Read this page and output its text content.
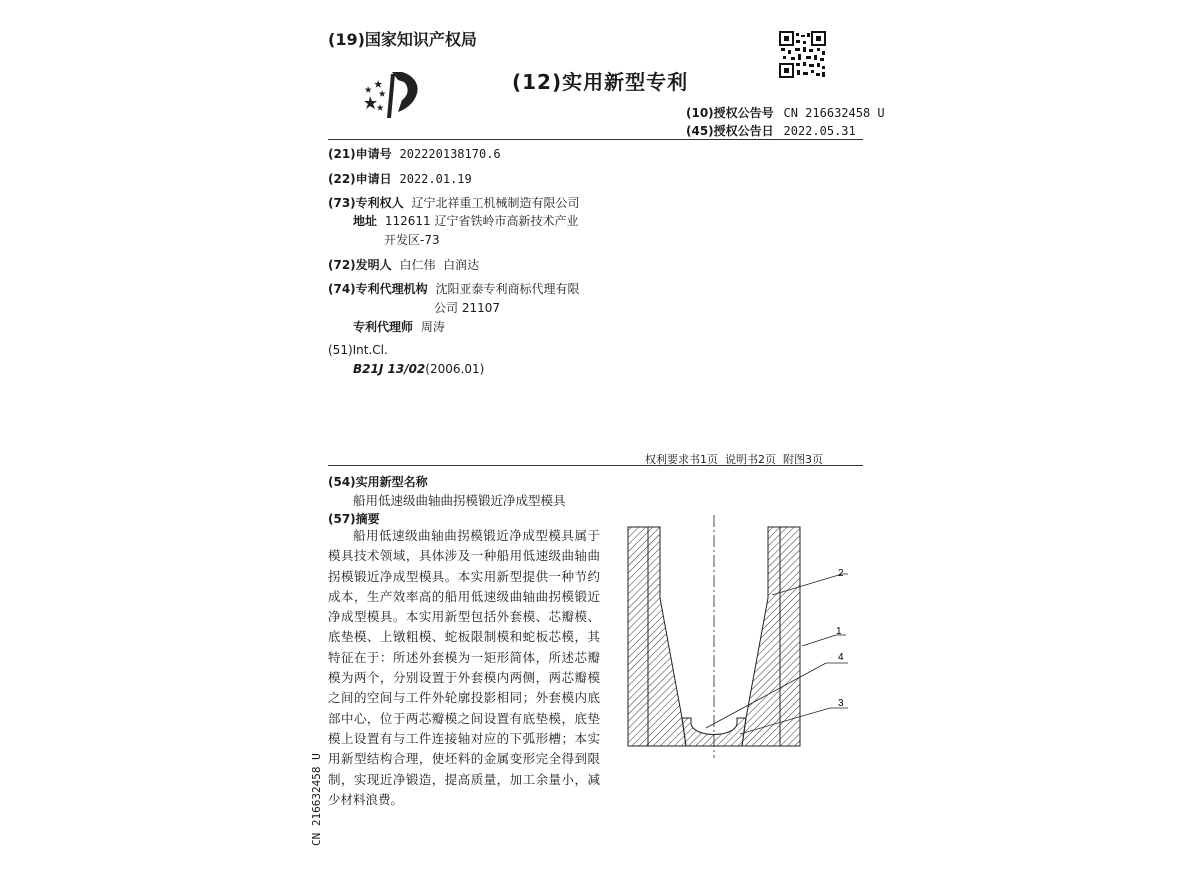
(19)国家知识产权局
(12)实用新型专利
(10)授权公告号 CN 216632458 U
(45)授权公告日 2022.05.31
(21)申请号 202220138170.6
(22)申请日 2022.01.19
(73)专利权人 辽宁北祥重工机械制造有限公司
地址 112611 辽宁省铁岭市高新技术产业
开发区-73
(72)发明人 白仁伟  白润达
(74)专利代理机构 沈阳亚泰专利商标代理有限
公司 21107
专利代理师 周涛
(51)Int.Cl.
B21J 13/02(2006.01)
权利要求书1页  说明书2页  附图3页
(54)实用新型名称
船用低速级曲轴曲拐模锻近净成型模具
(57)摘要

船用低速级曲轴曲拐模锻近净成型模具属于模具技术领域，具体涉及一种船用低速级曲轴曲拐模锻近净成型模具。本实用新型提供一种节约成本，生产效率高的船用低速级曲轴曲拐模锻近净成型模具。本实用新型包括外套模、芯瓣模、底垫模、上镦粗模、蛇板限制模和蛇板芯模，其特征在于：所述外套模为一矩形简体，所述芯瓣模为两个，分别设置于外套模内两侧，两芯瓣模之间的空间与工件外轮廓投影相同；外套模内底部中心，位于两芯瓣模之间设置有底垫模，底垫模上设置有与工件连接轴对应的下弧形槽；本实用新型结构合理，使坯料的金属变形完全得到限制，实现近净锻造，提高质量，加工余量小，减少材料浪费。

2
1
4
3
CN 216632458 U
